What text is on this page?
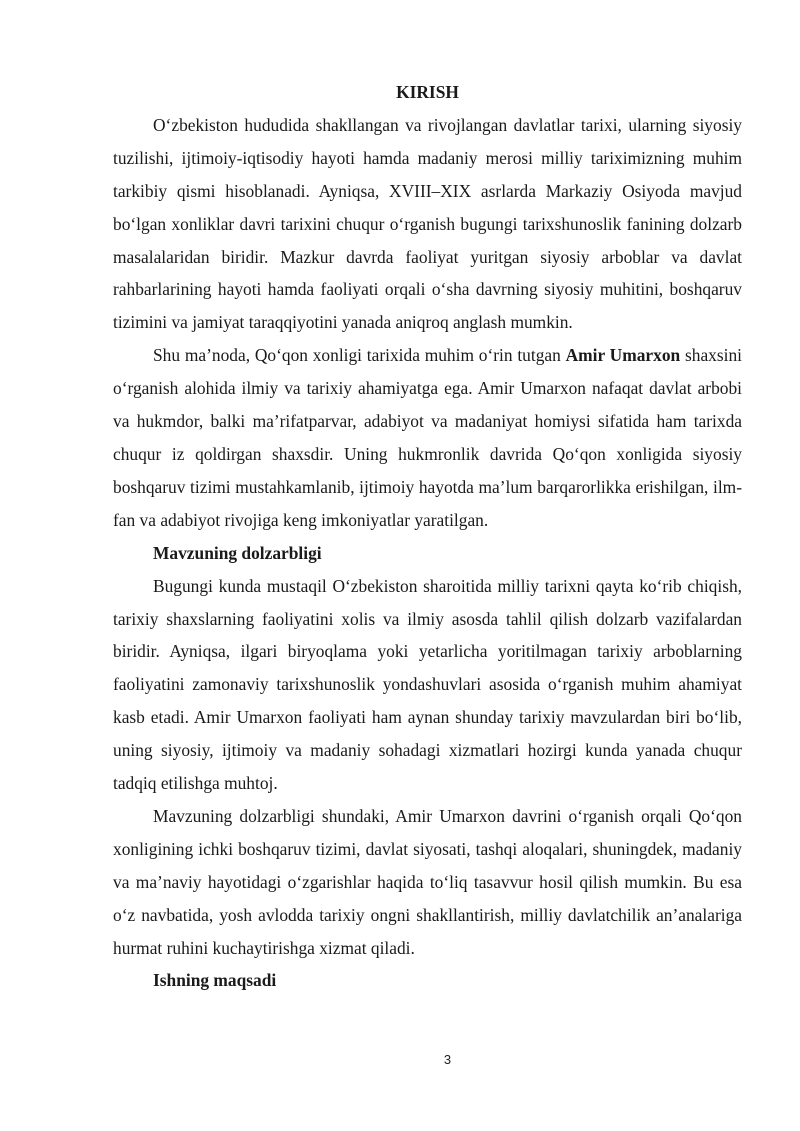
KIRISH

O‘zbekiston hududida shakllangan va rivojlangan davlatlar tarixi, ularning siyosiy tuzilishi, ijtimoiy-iqtisodiy hayoti hamda madaniy merosi milliy tariximizning muhim tarkibiy qismi hisoblanadi. Ayniqsa, XVIII–XIX asrlarda Markaziy Osiyoda mavjud bo‘lgan xonliklar davri tarixini chuqur o‘rganish bugungi tarixshunoslik fanining dolzarb masalalaridan biridir. Mazkur davrda faoliyat yuritgan siyosiy arboblar va davlat rahbarlarining hayoti hamda faoliyati orqali o‘sha davrning siyosiy muhitini, boshqaruv tizimini va jamiyat taraqqiyotini yanada aniqroq anglash mumkin.

Shu ma’noda, Qo‘qon xonligi tarixida muhim o‘rin tutgan Amir Umarxon shaxsini o‘rganish alohida ilmiy va tarixiy ahamiyatga ega. Amir Umarxon nafaqat davlat arbobi va hukmdor, balki ma’rifatparvar, adabiyot va madaniyat homiysi sifatida ham tarixda chuqur iz qoldirgan shaxsdir. Uning hukmronlik davrida Qo‘qon xonligida siyosiy boshqaruv tizimi mustahkamlanib, ijtimoiy hayotda ma’lum barqarorlikka erishilgan, ilm-fan va adabiyot rivojiga keng imkoniyatlar yaratilgan.

Mavzuning dolzarbligi

Bugungi kunda mustaqil O‘zbekiston sharoitida milliy tarixni qayta ko‘rib chiqish, tarixiy shaxslarning faoliyatini xolis va ilmiy asosda tahlil qilish dolzarb vazifalardan biridir. Ayniqsa, ilgari biryoqlama yoki yetarlicha yoritilmagan tarixiy arboblarning faoliyatini zamonaviy tarixshunoslik yondashuvlari asosida o‘rganish muhim ahamiyat kasb etadi. Amir Umarxon faoliyati ham aynan shunday tarixiy mavzulardan biri bo‘lib, uning siyosiy, ijtimoiy va madaniy sohadagi xizmatlari hozirgi kunda yanada chuqur tadqiq etilishga muhtoj.

Mavzuning dolzarbligi shundaki, Amir Umarxon davrini o‘rganish orqali Qo‘qon xonligining ichki boshqaruv tizimi, davlat siyosati, tashqi aloqalari, shuningdek, madaniy va ma’naviy hayotidagi o‘zgarishlar haqida to‘liq tasavvur hosil qilish mumkin. Bu esa o‘z navbatida, yosh avlodda tarixiy ongni shakllantirish, milliy davlatchilik an’analariga hurmat ruhini kuchaytirishga xizmat qiladi.

Ishning maqsadi

3
